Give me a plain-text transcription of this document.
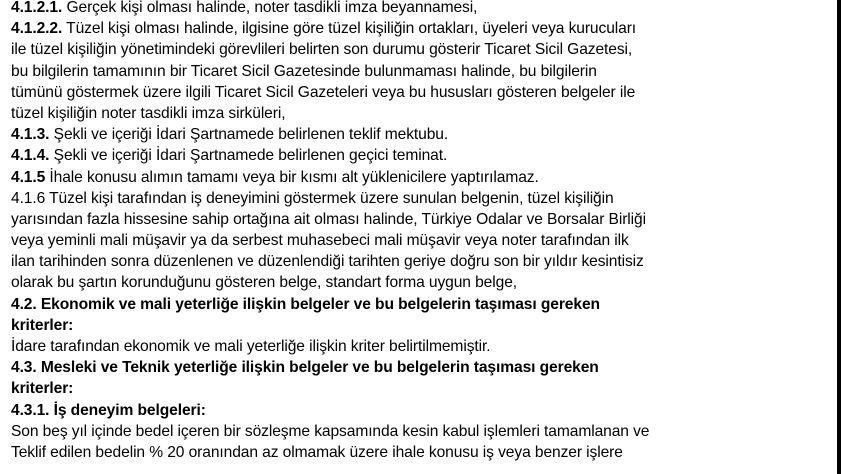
4.1.2.1. Gerçek kişi olması halinde, noter tasdikli imza beyannamesi,
4.1.2.2. Tüzel kişi olması halinde, ilgisine göre tüzel kişiliğin ortakları, üyeleri veya kurucuları
ile tüzel kişiliğin yönetimindeki görevlileri belirten son durumu gösterir Ticaret Sicil Gazetesi,
bu bilgilerin tamamının bir Ticaret Sicil Gazetesinde bulunmaması halinde, bu bilgilerin
tümünü göstermek üzere ilgili Ticaret Sicil Gazeteleri veya bu hususları gösteren belgeler ile
tüzel kişiliğin noter tasdikli imza sirküleri,
4.1.3. Şekli ve içeriği İdari Şartnamede belirlenen teklif mektubu.
4.1.4. Şekli ve içeriği İdari Şartnamede belirlenen geçici teminat.
4.1.5 İhale konusu alımın tamamı veya bir kısmı alt yüklenicilere yaptırılamaz.
4.1.6 Tüzel kişi tarafından iş deneyimini göstermek üzere sunulan belgenin, tüzel kişiliğin
yarısından fazla hissesine sahip ortağına ait olması halinde, Türkiye Odalar ve Borsalar Birliği
veya yeminli mali müşavir ya da serbest muhasebeci mali müşavir veya noter tarafından ilk
ilan tarihinden sonra düzenlenen ve düzenlendiği tarihten geriye doğru son bir yıldır kesintisiz
olarak bu şartın korunduğunu gösteren belge, standart forma uygun belge,
4.2. Ekonomik ve mali yeterliğe ilişkin belgeler ve bu belgelerin taşıması gereken
kriterler:
İdare tarafından ekonomik ve mali yeterliğe ilişkin kriter belirtilmemiştir.
4.3. Mesleki ve Teknik yeterliğe ilişkin belgeler ve bu belgelerin taşıması gereken
kriterler:
4.3.1. İş deneyim belgeleri:
Son beş yıl içinde bedel içeren bir sözleşme kapsamında kesin kabul işlemleri tamamlanan ve
Teklif edilen bedelin % 20 oranından az olmamak üzere ihale konusu iş veya benzer işlere
